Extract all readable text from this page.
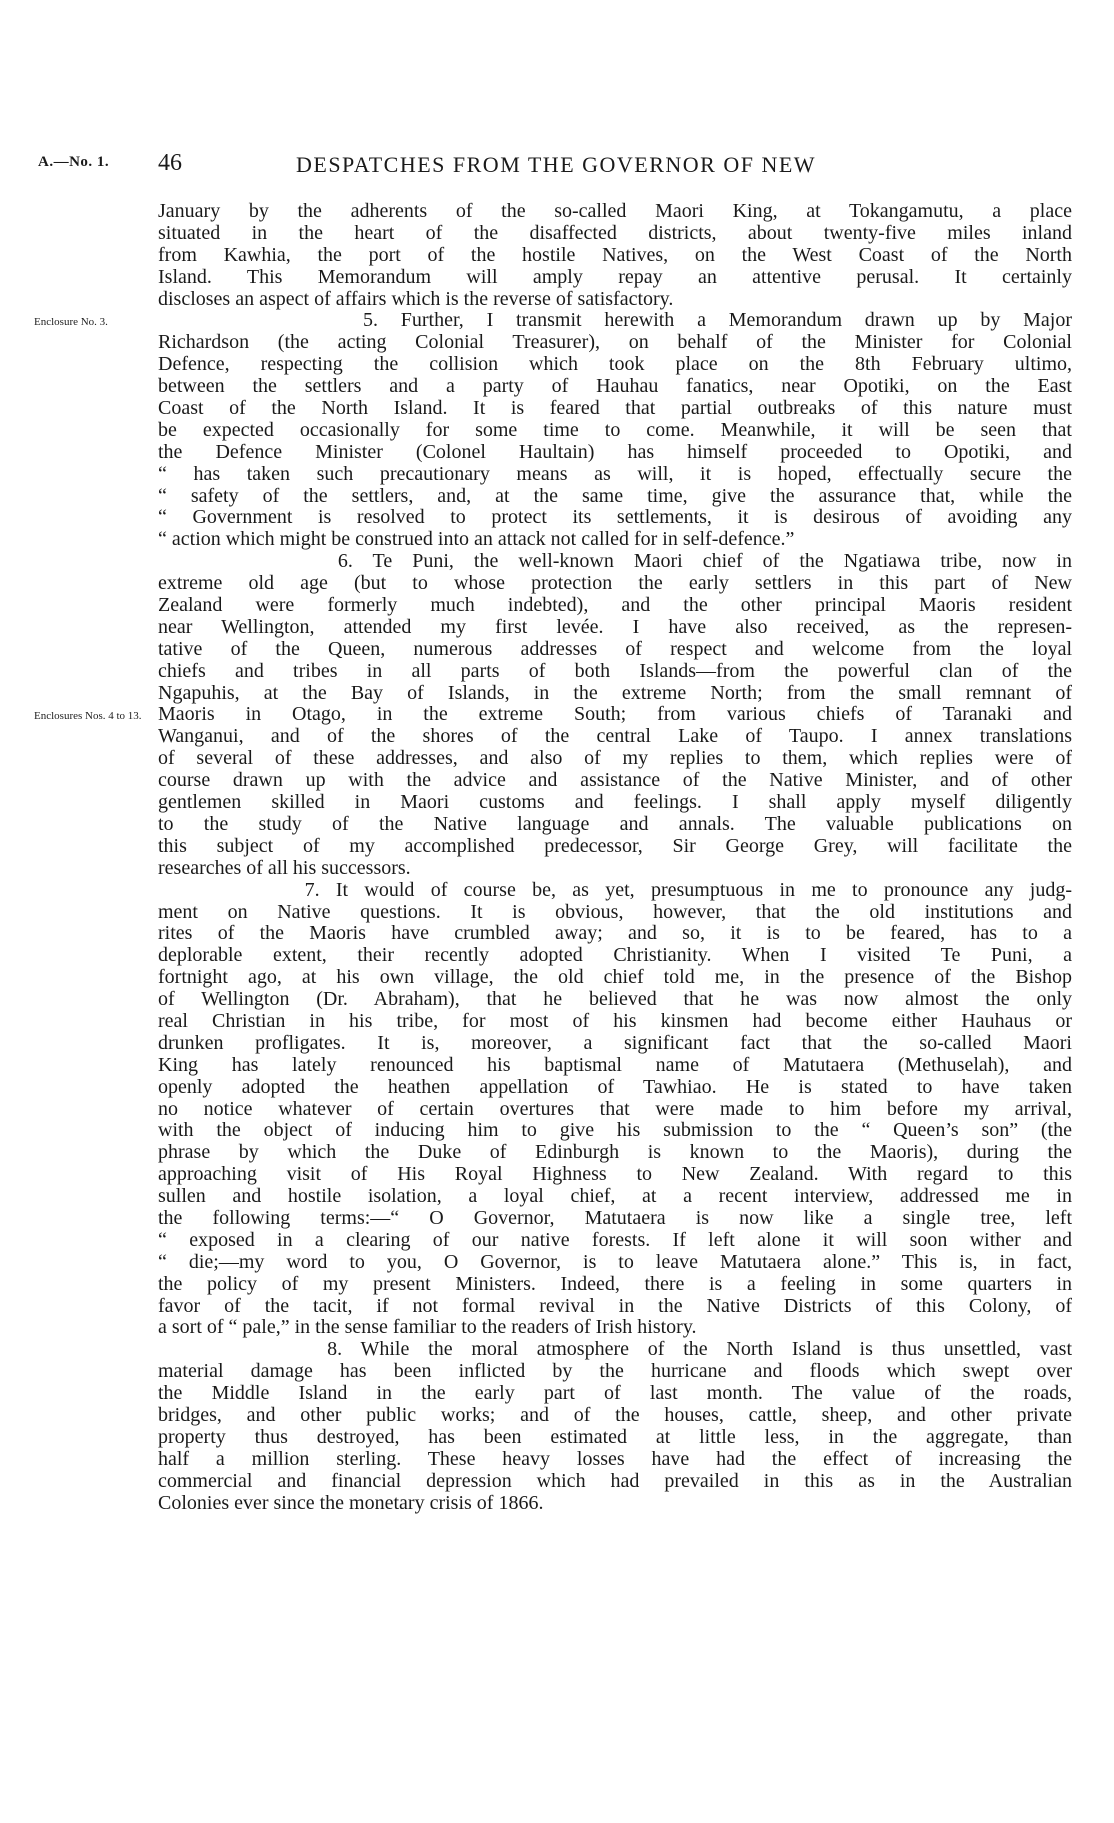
A.—No. 1. 46	DESPATCHES FROM THE GOVERNOR OF NEW
Enclosure No. 3.
Enclosures Nos. 4 to 13.
January by the adherents of the so-called Maori King, at Tokangamutu, a place
situated in the heart of the disaffected districts, about twenty-five miles inland
from Kawhia, the port of the hostile Natives, on the West Coast of the North
Island. This Memorandum will amply repay an attentive perusal. It certainly
discloses an aspect of affairs which is the reverse of satisfactory.
5. Further, I transmit herewith a Memorandum drawn up by Major
Richardson (the acting Colonial Treasurer), on behalf of the Minister for Colonial
Defence, respecting the collision which took place on the 8th February ultimo,
between the settlers and a party of Hauhau fanatics, near Opotiki, on the East
Coast of the North Island. It is feared that partial outbreaks of this nature must
be expected occasionally for some time to come. Meanwhile, it will be seen that
the Defence Minister (Colonel Haultain) has himself proceeded to Opotiki, and
“ has taken such precautionary means as will, it is hoped, effectually secure the
“ safety of the settlers, and, at the same time, give the assurance that, while the
“ Government is resolved to protect its settlements, it is desirous of avoiding any
“ action which might be construed into an attack not called for in self-defence.”
6. Te Puni, the well-known Maori chief of the Ngatiawa tribe, now in
extreme old age (but to whose protection the early settlers in this part of New
Zealand were formerly much indebted), and the other principal Maoris resident
near Wellington, attended my first levée. I have also received, as the represen-
tative of the Queen, numerous addresses of respect and welcome from the loyal
chiefs and tribes in all parts of both Islands—from the powerful clan of the
Ngapuhis, at the Bay of Islands, in the extreme North; from the small remnant of
Maoris in Otago, in the extreme South; from various chiefs of Taranaki and
Wanganui, and of the shores of the central Lake of Taupo. I annex translations
of several of these addresses, and also of my replies to them, which replies were of
course drawn up with the advice and assistance of the Native Minister, and of other
gentlemen skilled in Maori customs and feelings. I shall apply myself diligently
to the study of the Native language and annals. The valuable publications on
this subject of my accomplished predecessor, Sir George Grey, will facilitate the
researches of all his successors.
7. It would of course be, as yet, presumptuous in me to pronounce any judg-
ment on Native questions. It is obvious, however, that the old institutions and
rites of the Maoris have crumbled away; and so, it is to be feared, has to a
deplorable extent, their recently adopted Christianity. When I visited Te Puni, a
fortnight ago, at his own village, the old chief told me, in the presence of the Bishop
of Wellington (Dr. Abraham), that he believed that he was now almost the only
real Christian in his tribe, for most of his kinsmen had become either Hauhaus or
drunken profligates. It is, moreover, a significant fact that the so-called Maori
King has lately renounced his baptismal name of Matutaera (Methuselah), and
openly adopted the heathen appellation of Tawhiao. He is stated to have taken
no notice whatever of certain overtures that were made to him before my arrival,
with the object of inducing him to give his submission to the “ Queen’s son” (the
phrase by which the Duke of Edinburgh is known to the Maoris), during the
approaching visit of His Royal Highness to New Zealand. With regard to this
sullen and hostile isolation, a loyal chief, at a recent interview, addressed me in
the following terms:—“ O Governor, Matutaera is now like a single tree, left
“ exposed in a clearing of our native forests. If left alone it will soon wither and
“ die;—my word to you, O Governor, is to leave Matutaera alone.” This is, in fact,
the policy of my present Ministers. Indeed, there is a feeling in some quarters in
favor of the tacit, if not formal revival in the Native Districts of this Colony, of
a sort of “ pale,” in the sense familiar to the readers of Irish history.
8. While the moral atmosphere of the North Island is thus unsettled, vast
material damage has been inflicted by the hurricane and floods which swept over
the Middle Island in the early part of last month. The value of the roads,
bridges, and other public works; and of the houses, cattle, sheep, and other private
property thus destroyed, has been estimated at little less, in the aggregate, than
half a million sterling. These heavy losses have had the effect of increasing the
commercial and financial depression which had prevailed in this as in the Australian
Colonies ever since the monetary crisis of 1866.
